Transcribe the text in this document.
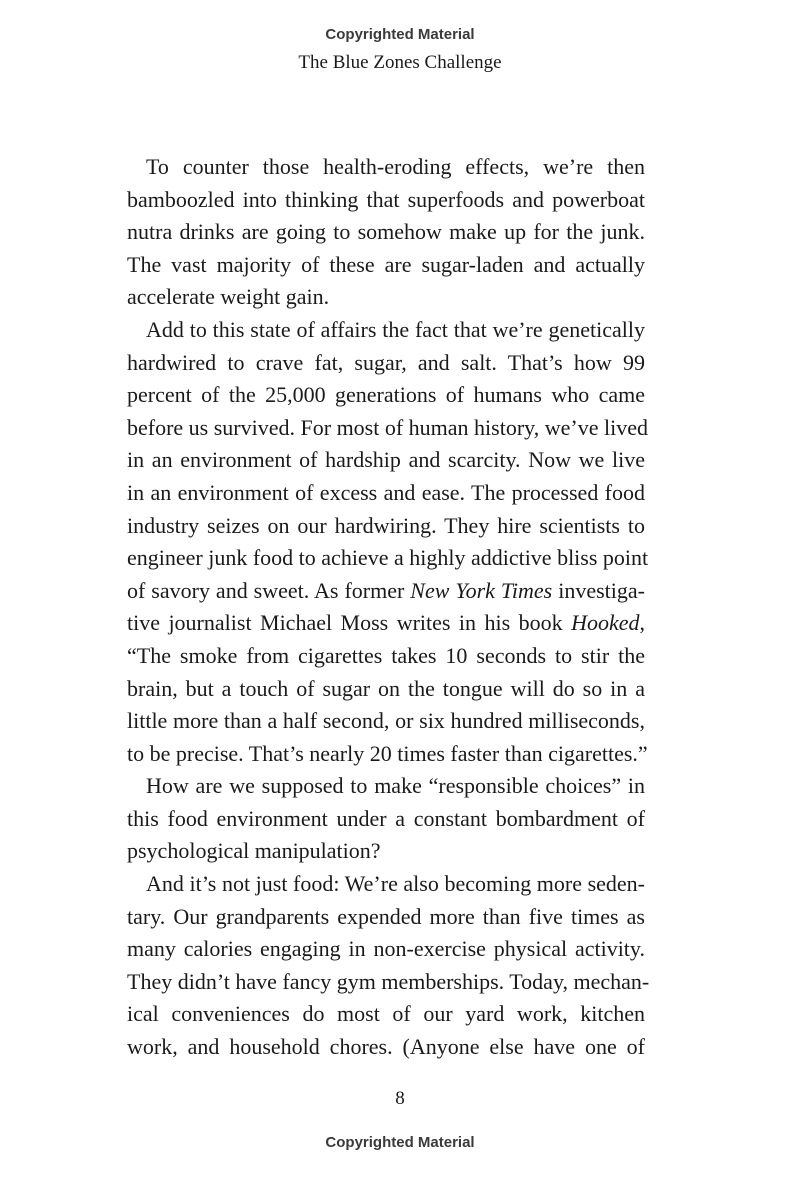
Copyrighted Material
The Blue Zones Challenge
To counter those health-eroding effects, we’re then
bamboozled into thinking that superfoods and powerboat
nutra drinks are going to somehow make up for the junk.
The vast majority of these are sugar-laden and actually
accelerate weight gain.
Add to this state of affairs the fact that we’re genetically
hardwired to crave fat, sugar, and salt. That’s how 99
percent of the 25,000 generations of humans who came
before us survived. For most of human history, we’ve lived
in an environment of hardship and scarcity. Now we live
in an environment of excess and ease. The processed food
industry seizes on our hardwiring. They hire scientists to
engineer junk food to achieve a highly addictive bliss point
of savory and sweet. As former New York Times investiga-
tive journalist Michael Moss writes in his book Hooked,
“The smoke from cigarettes takes 10 seconds to stir the
brain, but a touch of sugar on the tongue will do so in a
little more than a half second, or six hundred milliseconds,
to be precise. That’s nearly 20 times faster than cigarettes.”
How are we supposed to make “responsible choices” in
this food environment under a constant bombardment of
psychological manipulation?
And it’s not just food: We’re also becoming more seden-
tary. Our grandparents expended more than five times as
many calories engaging in non-exercise physical activity.
They didn’t have fancy gym memberships. Today, mechan-
ical conveniences do most of our yard work, kitchen
work, and household chores. (Anyone else have one of
8
Copyrighted Material
